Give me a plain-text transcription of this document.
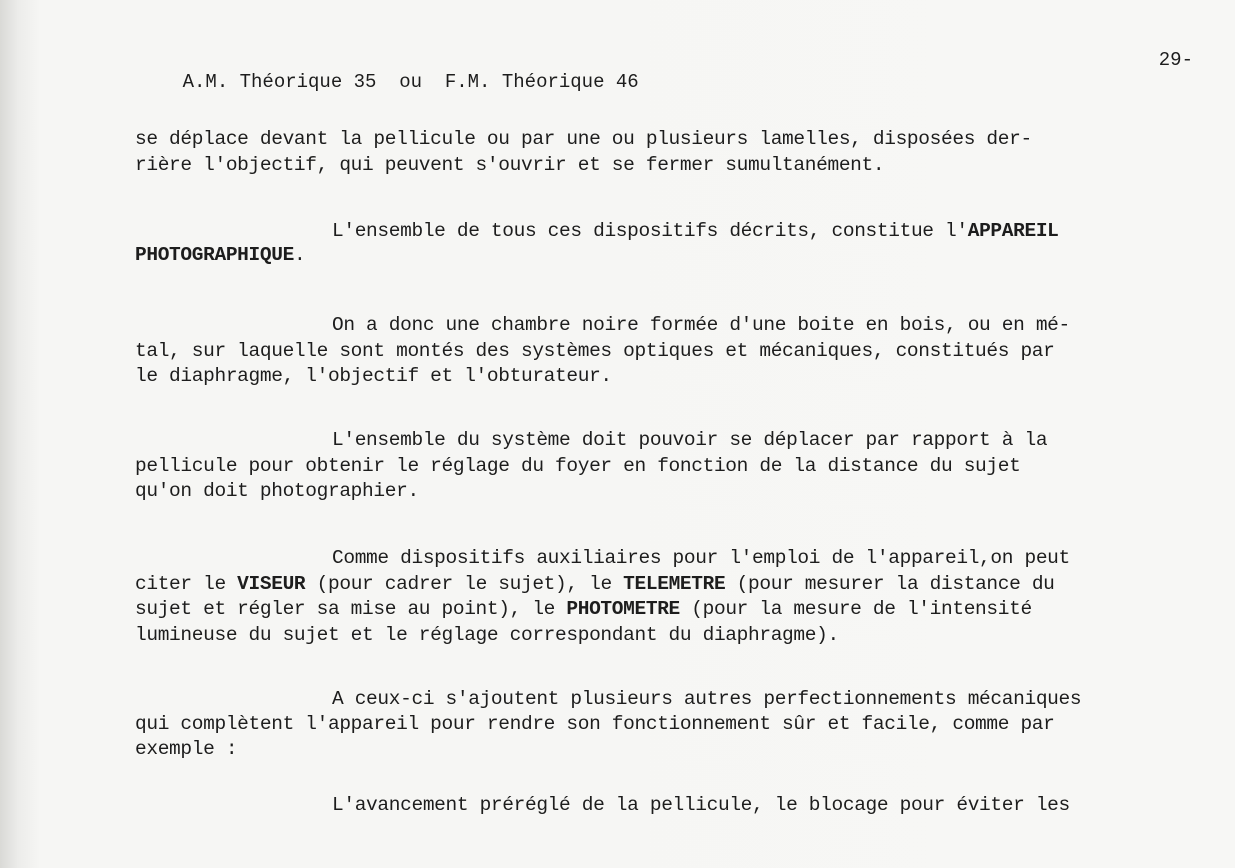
A.M. Théorique 35  ou  F.M. Théorique 46

29-

se déplace devant la pellicule ou par une ou plusieurs lamelles, disposées der-
rière l'objectif, qui peuvent s'ouvrir et se fermer sumultanément.
L'ensemble de tous ces dispositifs décrits, constitue l'APPAREIL
PHOTOGRAPHIQUE.
On a donc une chambre noire formée d'une boite en bois, ou en mé-
tal, sur laquelle sont montés des systèmes optiques et mécaniques, constitués par
le diaphragme, l'objectif et l'obturateur.
L'ensemble du système doit pouvoir se déplacer par rapport à la
pellicule pour obtenir le réglage du foyer en fonction de la distance du sujet
qu'on doit photographier.
Comme dispositifs auxiliaires pour l'emploi de l'appareil,on peut
citer le VISEUR (pour cadrer le sujet), le TELEMETRE (pour mesurer la distance du
sujet et régler sa mise au point), le PHOTOMETRE (pour la mesure de l'intensité
lumineuse du sujet et le réglage correspondant du diaphragme).
A ceux-ci s'ajoutent plusieurs autres perfectionnements mécaniques
qui complètent l'appareil pour rendre son fonctionnement sûr et facile, comme par
exemple :
L'avancement préréglé de la pellicule, le blocage pour éviter les
